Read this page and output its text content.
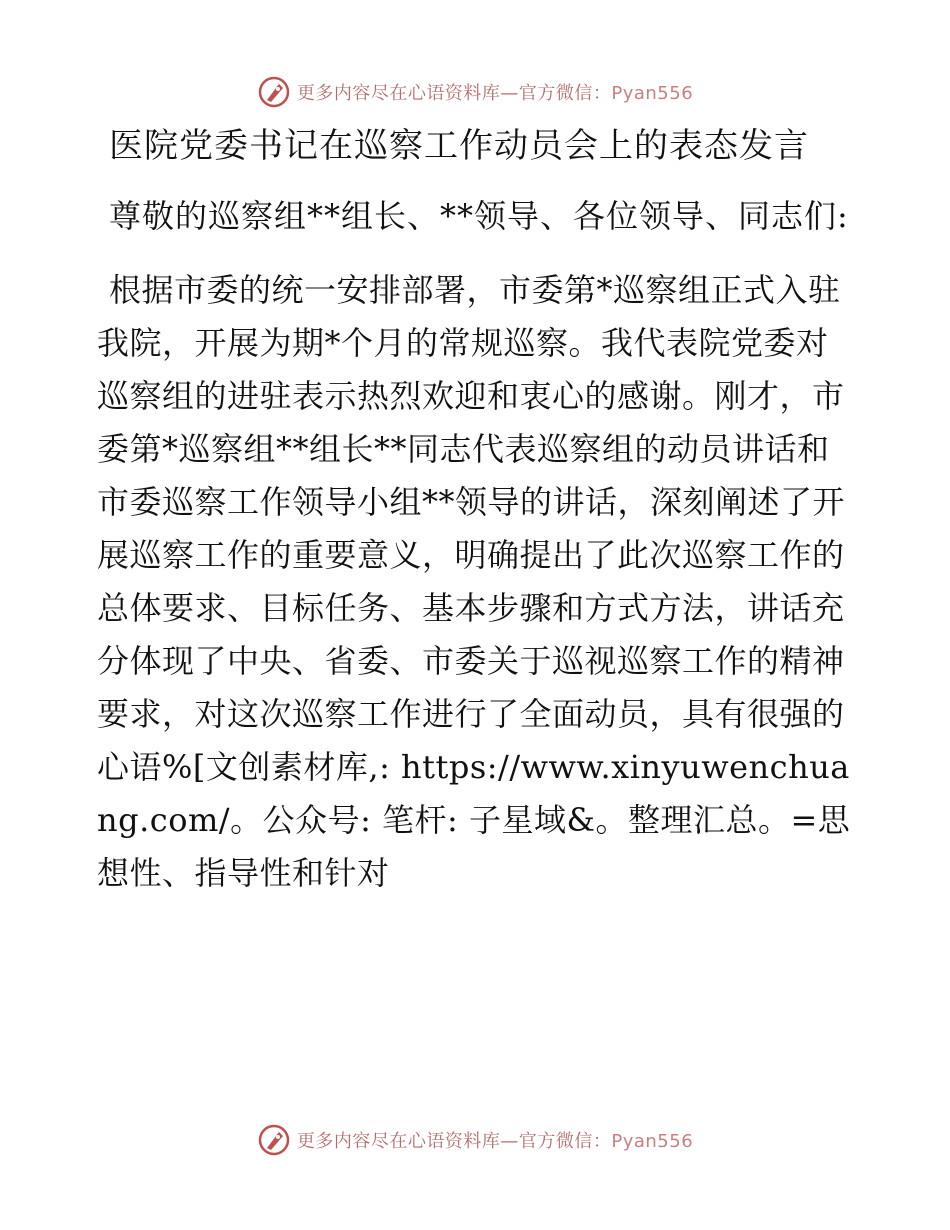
更多内容尽在心语资料库—官方微信：Pyan556
医院党委书记在巡察工作动员会上的表态发言

尊敬的巡察组**组长、**领导、各位领导、同志们:

根据市委的统一安排部署，市委第*巡察组正式入驻我院，开展为期*个月的常规巡察。我代表院党委对巡察组的进驻表示热烈欢迎和衷心的感谢。刚才，市委第*巡察组**组长**同志代表巡察组的动员讲话和市委巡察工作领导小组**领导的讲话，深刻阐述了开展巡察工作的重要意义，明确提出了此次巡察工作的总体要求、目标任务、基本步骤和方式方法，讲话充分体现了中央、省委、市委关于巡视巡察工作的精神要求，对这次巡察工作进行了全面动员，具有很强的心语%[文创素材库,: https://www.xinyuwenchuang.com/。公众号: 笔杆: 子星域&。整理汇总。=思想性、指导性和针对

更多内容尽在心语资料库—官方微信：Pyan556
